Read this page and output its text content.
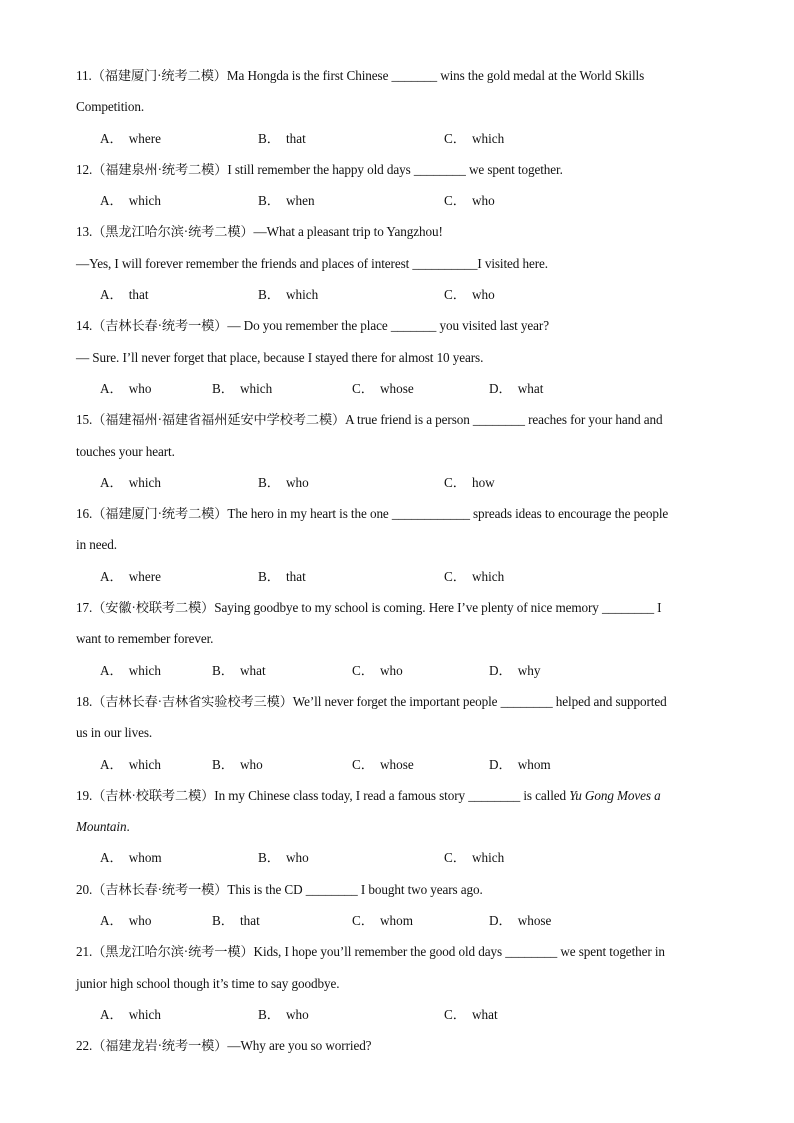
11.（福建厦门·统考二模）Ma Hongda is the first Chinese _______ wins the gold medal at the World Skills
Competition.
A． where	B． that	C． which
12.（福建泉州·统考二模）I still remember the happy old days ________ we spent together.
A． which	B． when	C． who
13.（黑龙江哈尔滨·统考二模）—What a pleasant trip to Yangzhou!
—Yes, I will forever remember the friends and places of interest __________I visited here.
A． that	B． which	C． who
14.（吉林长春·统考一模）— Do you remember the place _______ you visited last year?
— Sure. I’ll never forget that place, because I stayed there for almost 10 years.
A． who	B． which	C． whose	D． what
15.（福建福州·福建省福州延安中学校考二模）A true friend is a person ________ reaches for your hand and
touches your heart.
A． which	B． who	C． how
16.（福建厦门·统考二模）The hero in my heart is the one ____________ spreads ideas to encourage the people
in need.
A． where	B． that	C． which
17.（安徽·校联考二模）Saying goodbye to my school is coming. Here I’ve plenty of nice memory ________ I
want to remember forever.
A． which	B． what	C． who	D． why
18.（吉林长春·吉林省实验校考三模）We’ll never forget the important people ________ helped and supported
us in our lives.
A． which	B． who	C． whose	D． whom
19.（吉林·校联考二模）In my Chinese class today, I read a famous story ________ is called Yu Gong Moves a
Mountain.
A． whom	B． who	C． which
20.（吉林长春·统考一模）This is the CD ________ I bought two years ago.
A． who	B． that	C． whom	D． whose
21.（黑龙江哈尔滨·统考一模）Kids, I hope you’ll remember the good old days ________ we spent together in
junior high school though it’s time to say goodbye.
A． which	B． who	C． what
22.（福建龙岩·统考一模）—Why are you so worried?
